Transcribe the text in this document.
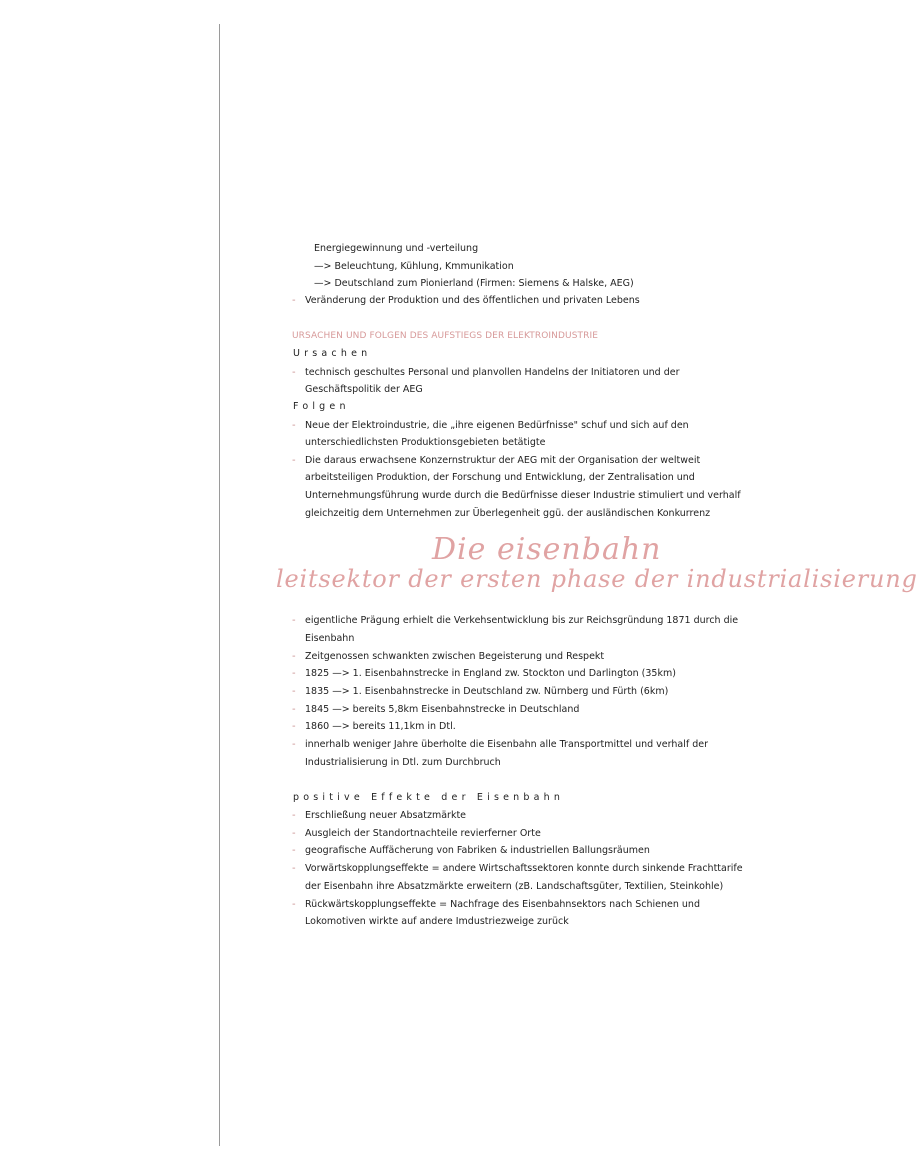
Energiegewinnung und -verteilung
—> Beleuchtung, Kühlung, Kmmunikation
—> Deutschland zum Pionierland (Firmen: Siemens & Halske, AEG)
- Veränderung der Produktion und des öffentlichen und privaten Lebens
URSACHEN UND FOLGEN DES AUFSTIEGS DER ELEKTROINDUSTRIE
Ursachen
- technisch geschultes Personal und planvollen Handelns der Initiatoren und der
Geschäftspolitik der AEG
Folgen
- Neue der Elektroindustrie, die „ihre eigenen Bedürfnisse" schuf und sich auf den
unterschiedlichsten Produktionsgebieten betätigte
- Die daraus erwachsene Konzernstruktur der AEG mit der Organisation der weltweit
arbeitsteiligen Produktion, der Forschung und Entwicklung, der Zentralisation und
Unternehmungsführung wurde durch die Bedürfnisse dieser Industrie stimuliert und verhalf
gleichzeitig dem Unternehmen zur Überlegenheit ggü. der ausländischen Konkurrenz
Die eisenbahn
leitsektor der ersten phase der industrialisierung
- eigentliche Prägung erhielt die Verkehsentwicklung bis zur Reichsgründung 1871 durch die
Eisenbahn
- Zeitgenossen schwankten zwischen Begeisterung und Respekt
- 1825 —> 1. Eisenbahnstrecke in England zw. Stockton und Darlington (35km)
- 1835 —> 1. Eisenbahnstrecke in Deutschland zw. Nürnberg und Fürth (6km)
- 1845 —> bereits 5,8km Eisenbahnstrecke in Deutschland
- 1860 —> bereits 11,1km in Dtl.
- innerhalb weniger Jahre überholte die Eisenbahn alle Transportmittel und verhalf der
Industrialisierung in Dtl. zum Durchbruch
positive Effekte der Eisenbahn
- Erschließung neuer Absatzmärkte
- Ausgleich der Standortnachteile revierferner Orte
- geografische Auffächerung von Fabriken & industriellen Ballungsräumen
- Vorwärtskopplungseffekte = andere Wirtschaftssektoren konnte durch sinkende Frachttarife
der Eisenbahn ihre Absatzmärkte erweitern (zB. Landschaftsgüter, Textilien, Steinkohle)
- Rückwärtskopplungseffekte = Nachfrage des Eisenbahnsektors nach Schienen und
Lokomotiven wirkte auf andere Imdustriezweige zurück
